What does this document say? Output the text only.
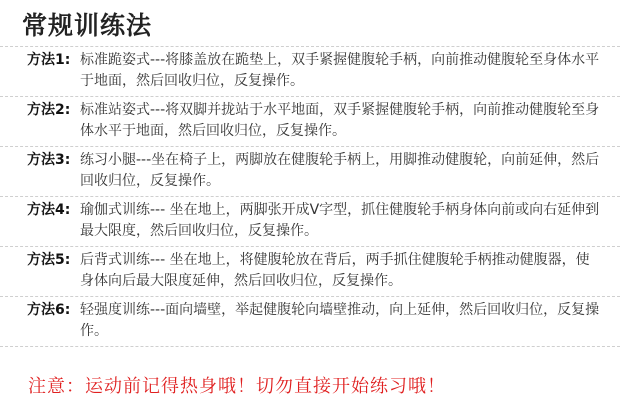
常规训练法
方法1: 标准跪姿式---将膝盖放在跪垫上，双手紧握健腹轮手柄，向前推动健腹轮至身体水平于地面，然后回收归位，反复操作。
方法2: 标准站姿式---将双脚并拢站于水平地面，双手紧握健腹轮手柄，向前推动健腹轮至身体水平于地面，然后回收归位，反复操作。
方法3: 练习小腿---坐在椅子上，两脚放在健腹轮手柄上，用脚推动健腹轮，向前延伸，然后回收归位，反复操作。
方法4: 瑜伽式训练--- 坐在地上，两脚张开成V字型，抓住健腹轮手柄身体向前或向右延伸到最大限度，然后回收归位，反复操作。
方法5: 后背式训练--- 坐在地上，将健腹轮放在背后，两手抓住健腹轮手柄推动健腹器，使身体向后最大限度延伸，然后回收归位，反复操作。
方法6: 轻强度训练---面向墙壁，举起健腹轮向墙壁推动，向上延伸，然后回收归位，反复操作。
注意：运动前记得热身哦！切勿直接开始练习哦！
